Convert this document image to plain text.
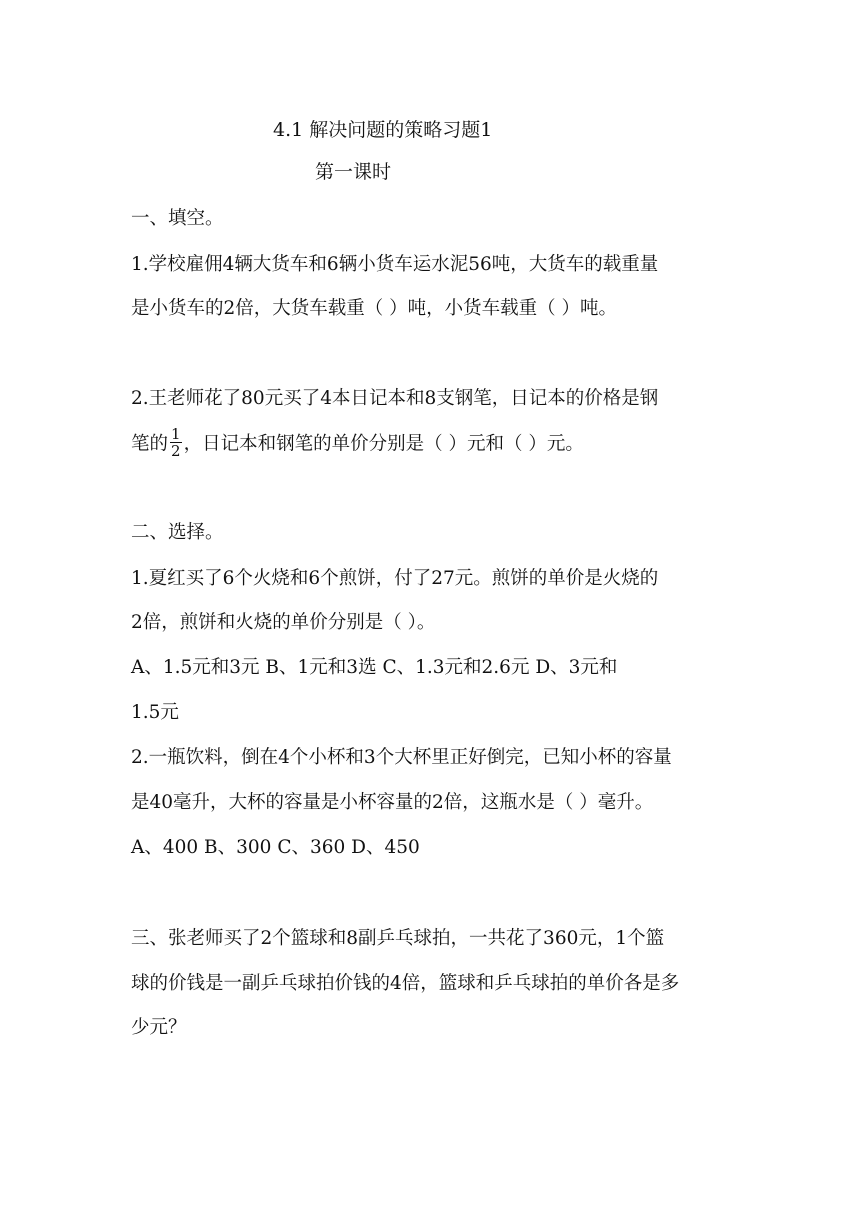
4.1 解决问题的策略习题1
第一课时
一、填空。
1.学校雇佣4辆大货车和6辆小货车运水泥56吨，大货车的载重量
是小货车的2倍，大货车载重（ ）吨，小货车载重（ ）吨。
2.王老师花了80元买了4本日记本和8支钢笔，日记本的价格是钢
笔的 $\frac{1}{2}$ ，日记本和钢笔的单价分别是（ ）元和（ ）元。
二、选择。
1.夏红买了6个火烧和6个煎饼，付了27元。煎饼的单价是火烧的
2倍，煎饼和火烧的单价分别是（ ）。
A、1.5元和3元 B、1元和3选 C、1.3元和2.6元 D、3元和
1.5元
2.一瓶饮料，倒在4个小杯和3个大杯里正好倒完，已知小杯的容量
是40毫升，大杯的容量是小杯容量的2倍，这瓶水是（ ）毫升。
A、400 B、300 C、360 D、450
三、张老师买了2个篮球和8副乒乓球拍，一共花了360元，1个篮
球的价钱是一副乒乓球拍价钱的4倍，篮球和乒乓球拍的单价各是多
少元？
